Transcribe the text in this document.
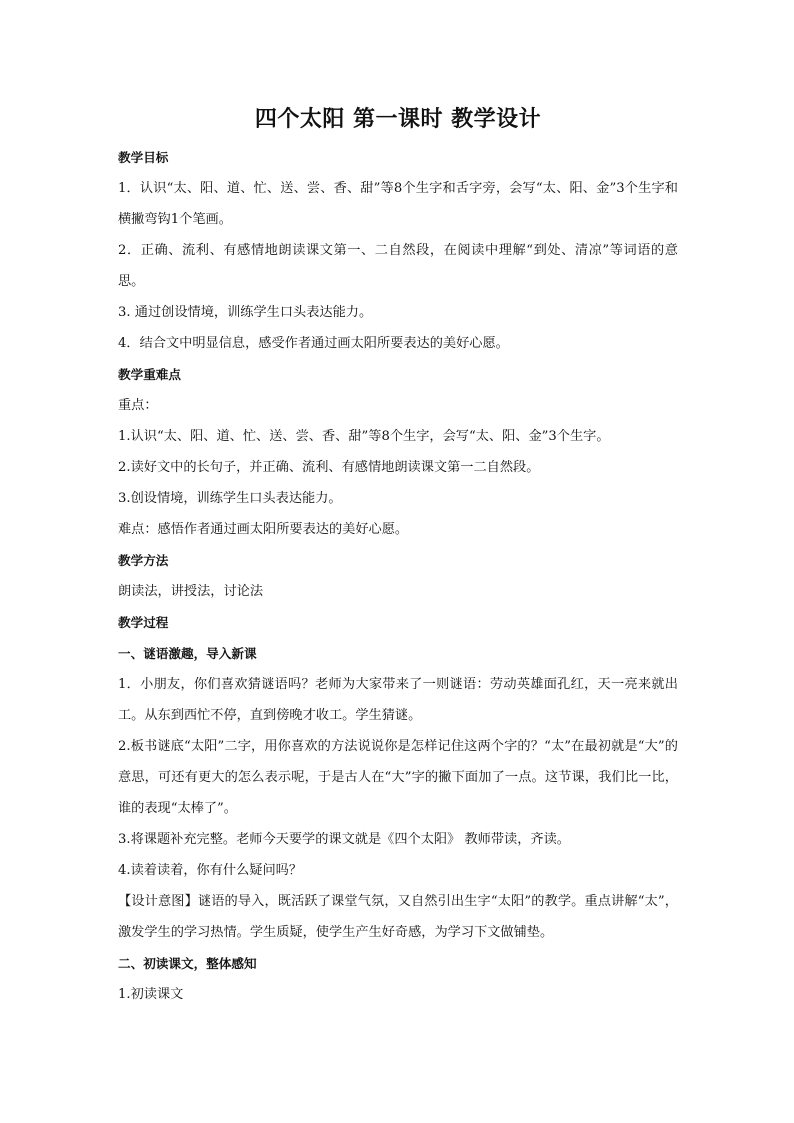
四个太阳 第一课时 教学设计

教学目标

1．认识“太、阳、道、忙、送、尝、香、甜”等8个生字和舌字旁，会写“太、阳、金”3个生字和横撇弯钩1个笔画。

2．正确、流利、有感情地朗读课文第一、二自然段，在阅读中理解“到处、清凉”等词语的意思。

3. 通过创设情境，训练学生口头表达能力。

4．结合文中明显信息，感受作者通过画太阳所要表达的美好心愿。

教学重难点

重点：

1.认识“太、阳、道、忙、送、尝、香、甜”等8个生字，会写“太、阳、金”3个生字。

2.读好文中的长句子，并正确、流利、有感情地朗读课文第一二自然段。

3.创设情境，训练学生口头表达能力。

难点：感悟作者通过画太阳所要表达的美好心愿。

教学方法

朗读法，讲授法，讨论法

教学过程

一、谜语激趣，导入新课

1．小朋友，你们喜欢猜谜语吗？老师为大家带来了一则谜语：劳动英雄面孔红，天一亮来就出工。从东到西忙不停，直到傍晚才收工。学生猜谜。

2.板书谜底“太阳”二字，用你喜欢的方法说说你是怎样记住这两个字的？“太”在最初就是“大”的意思，可还有更大的怎么表示呢，于是古人在“大”字的撇下面加了一点。这节课，我们比一比，谁的表现“太棒了”。

3.将课题补充完整。老师今天要学的课文就是《四个太阳》 教师带读，齐读。

4.读着读着，你有什么疑问吗？

【设计意图】谜语的导入，既活跃了课堂气氛，又自然引出生字“太阳”的教学。重点讲解“太”，激发学生的学习热情。学生质疑，使学生产生好奇感，为学习下文做铺垫。

二、初读课文，整体感知

1.初读课文
